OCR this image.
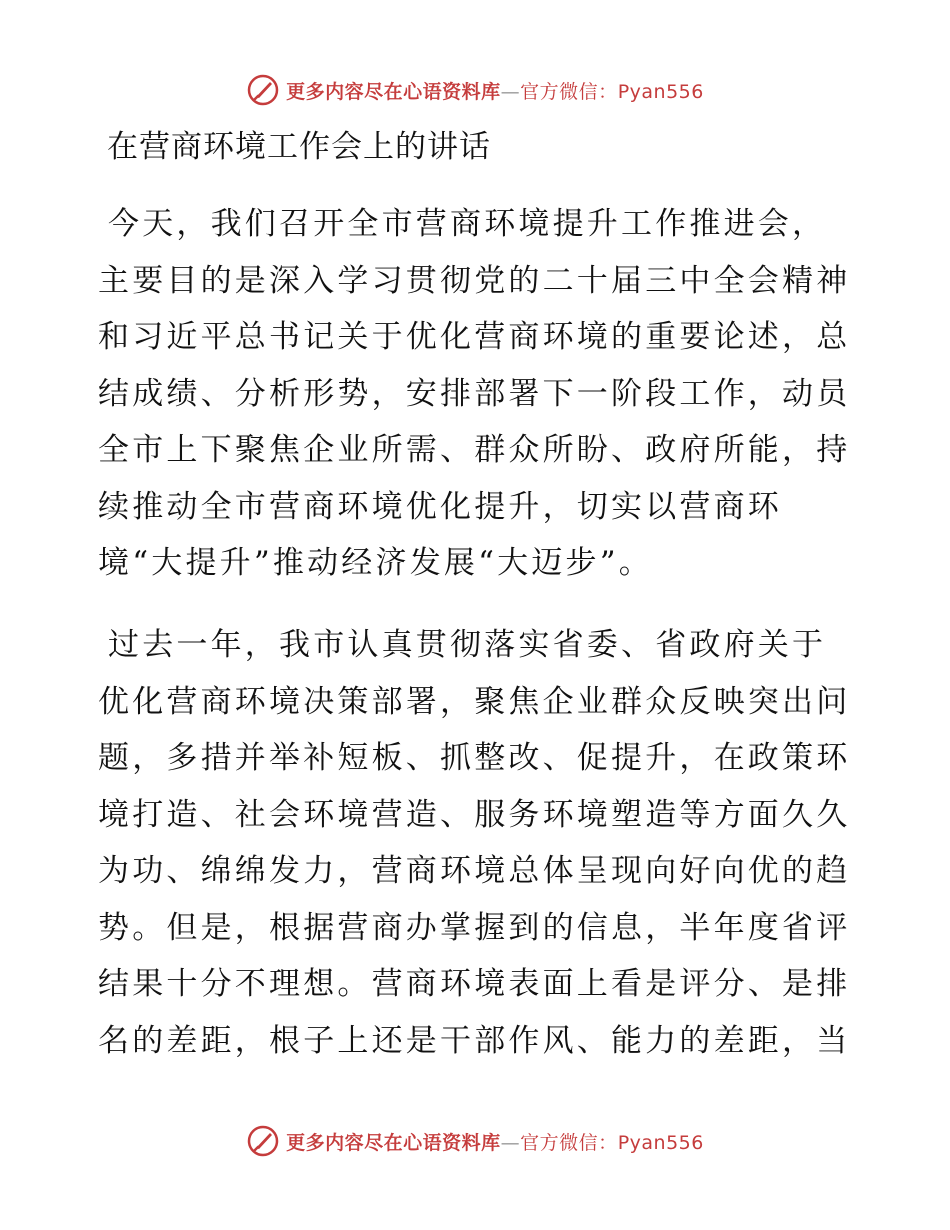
更多内容尽在心语资料库—官方微信：Pyan556
在营商环境工作会上的讲话

今天，我们召开全市营商环境提升工作推进会，
主要目的是深入学习贯彻党的二十届三中全会精神
和习近平总书记关于优化营商环境的重要论述，总
结成绩、分析形势，安排部署下一阶段工作，动员
全市上下聚焦企业所需、群众所盼、政府所能，持
续推动全市营商环境优化提升，切实以营商环
境“大提升”推动经济发展“大迈步”。

过去一年，我市认真贯彻落实省委、省政府关于
优化营商环境决策部署，聚焦企业群众反映突出问
题，多措并举补短板、抓整改、促提升，在政策环
境打造、社会环境营造、服务环境塑造等方面久久
为功、绵绵发力，营商环境总体呈现向好向优的趋
势。但是，根据营商办掌握到的信息，半年度省评
结果十分不理想。营商环境表面上看是评分、是排
名的差距，根子上还是干部作风、能力的差距，当

更多内容尽在心语资料库—官方微信：Pyan556
